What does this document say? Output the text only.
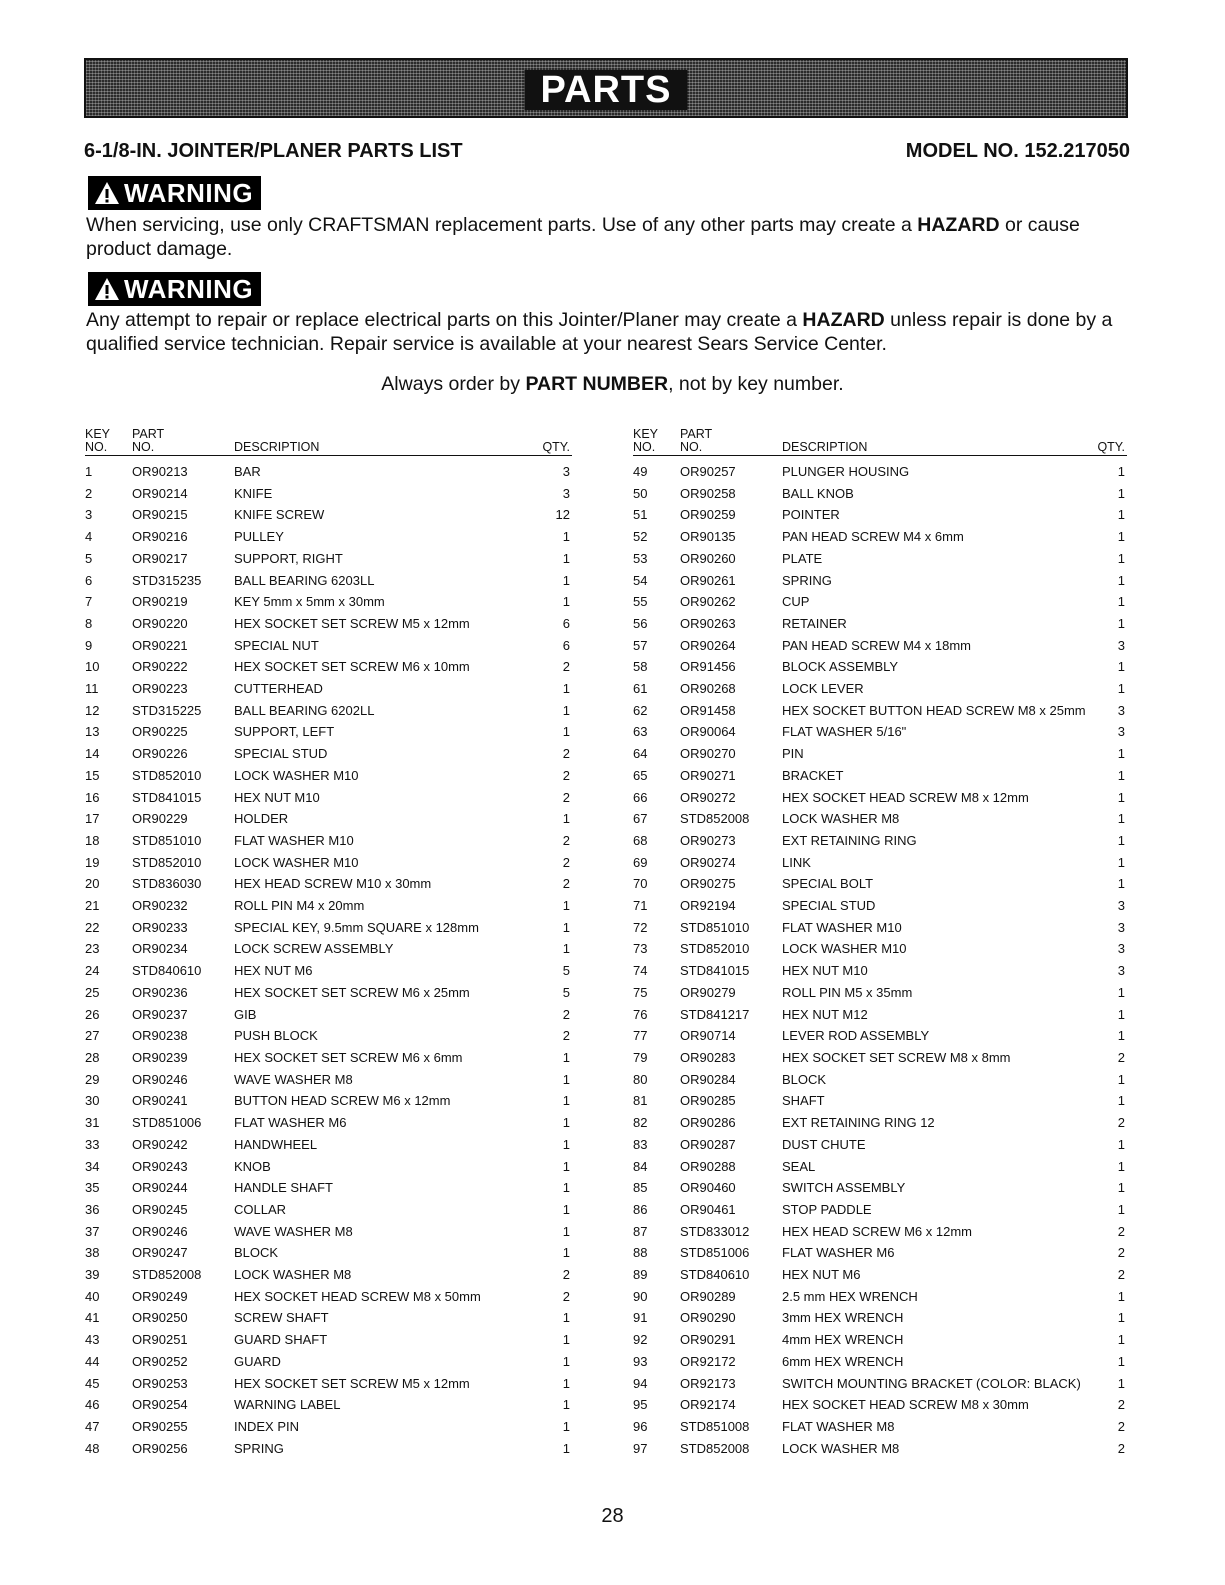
PARTS
6-1/8-IN. JOINTER/PLANER PARTS LIST	MODEL NO. 152.217050
WARNING
When servicing, use only CRAFTSMAN replacement parts. Use of any other parts may create a HAZARD or cause product damage.
WARNING
Any attempt to repair or replace electrical parts on this Jointer/Planer may create a HAZARD unless repair is done by a qualified service technician. Repair service is available at your nearest Sears Service Center.
Always order by PART NUMBER, not by key number.
KEY
NO.	PART
NO.	DESCRIPTION	QTY.
1	OR90213	BAR	3
2	OR90214	KNIFE	3
3	OR90215	KNIFE SCREW	12
4	OR90216	PULLEY	1
5	OR90217	SUPPORT, RIGHT	1
6	STD315235	BALL BEARING 6203LL	1
7	OR90219	KEY 5mm x 5mm x 30mm	1
8	OR90220	HEX SOCKET SET SCREW M5 x 12mm	6
9	OR90221	SPECIAL NUT	6
10	OR90222	HEX SOCKET SET SCREW M6 x 10mm	2
11	OR90223	CUTTERHEAD	1
12	STD315225	BALL BEARING 6202LL	1
13	OR90225	SUPPORT, LEFT	1
14	OR90226	SPECIAL STUD	2
15	STD852010	LOCK WASHER M10	2
16	STD841015	HEX NUT M10	2
17	OR90229	HOLDER	1
18	STD851010	FLAT WASHER M10	2
19	STD852010	LOCK WASHER M10	2
20	STD836030	HEX HEAD SCREW M10 x 30mm	2
21	OR90232	ROLL PIN M4 x 20mm	1
22	OR90233	SPECIAL KEY, 9.5mm SQUARE x 128mm	1
23	OR90234	LOCK SCREW ASSEMBLY	1
24	STD840610	HEX NUT M6	5
25	OR90236	HEX SOCKET SET SCREW M6 x 25mm	5
26	OR90237	GIB	2
27	OR90238	PUSH BLOCK	2
28	OR90239	HEX SOCKET SET SCREW M6 x 6mm	1
29	OR90246	WAVE WASHER M8	1
30	OR90241	BUTTON HEAD SCREW M6 x 12mm	1
31	STD851006	FLAT WASHER M6	1
33	OR90242	HANDWHEEL	1
34	OR90243	KNOB	1
35	OR90244	HANDLE SHAFT	1
36	OR90245	COLLAR	1
37	OR90246	WAVE WASHER M8	1
38	OR90247	BLOCK	1
39	STD852008	LOCK WASHER M8	2
40	OR90249	HEX SOCKET HEAD SCREW M8 x 50mm	2
41	OR90250	SCREW SHAFT	1
43	OR90251	GUARD SHAFT	1
44	OR90252	GUARD	1
45	OR90253	HEX SOCKET SET SCREW M5 x 12mm	1
46	OR90254	WARNING LABEL	1
47	OR90255	INDEX PIN	1
48	OR90256	SPRING	1
KEY
NO.	PART
NO.	DESCRIPTION	QTY.
49	OR90257	PLUNGER HOUSING	1
50	OR90258	BALL KNOB	1
51	OR90259	POINTER	1
52	OR90135	PAN HEAD SCREW M4 x 6mm	1
53	OR90260	PLATE	1
54	OR90261	SPRING	1
55	OR90262	CUP	1
56	OR90263	RETAINER	1
57	OR90264	PAN HEAD SCREW M4 x 18mm	3
58	OR91456	BLOCK ASSEMBLY	1
61	OR90268	LOCK LEVER	1
62	OR91458	HEX SOCKET BUTTON HEAD SCREW M8 x 25mm	3
63	OR90064	FLAT WASHER 5/16"	3
64	OR90270	PIN	1
65	OR90271	BRACKET	1
66	OR90272	HEX SOCKET HEAD SCREW M8 x 12mm	1
67	STD852008	LOCK WASHER M8	1
68	OR90273	EXT RETAINING RING	1
69	OR90274	LINK	1
70	OR90275	SPECIAL BOLT	1
71	OR92194	SPECIAL STUD	3
72	STD851010	FLAT WASHER M10	3
73	STD852010	LOCK WASHER M10	3
74	STD841015	HEX NUT M10	3
75	OR90279	ROLL PIN M5 x 35mm	1
76	STD841217	HEX NUT M12	1
77	OR90714	LEVER ROD ASSEMBLY	1
79	OR90283	HEX SOCKET SET SCREW M8 x 8mm	2
80	OR90284	BLOCK	1
81	OR90285	SHAFT	1
82	OR90286	EXT RETAINING RING 12	2
83	OR90287	DUST CHUTE	1
84	OR90288	SEAL	1
85	OR90460	SWITCH ASSEMBLY	1
86	OR90461	STOP PADDLE	1
87	STD833012	HEX HEAD SCREW M6 x 12mm	2
88	STD851006	FLAT WASHER M6	2
89	STD840610	HEX NUT M6	2
90	OR90289	2.5 mm HEX WRENCH	1
91	OR90290	3mm HEX WRENCH	1
92	OR90291	4mm HEX WRENCH	1
93	OR92172	6mm HEX WRENCH	1
94	OR92173	SWITCH MOUNTING BRACKET (COLOR: BLACK)	1
95	OR92174	HEX SOCKET HEAD SCREW M8 x 30mm	2
96	STD851008	FLAT WASHER M8	2
97	STD852008	LOCK WASHER M8	2
28
